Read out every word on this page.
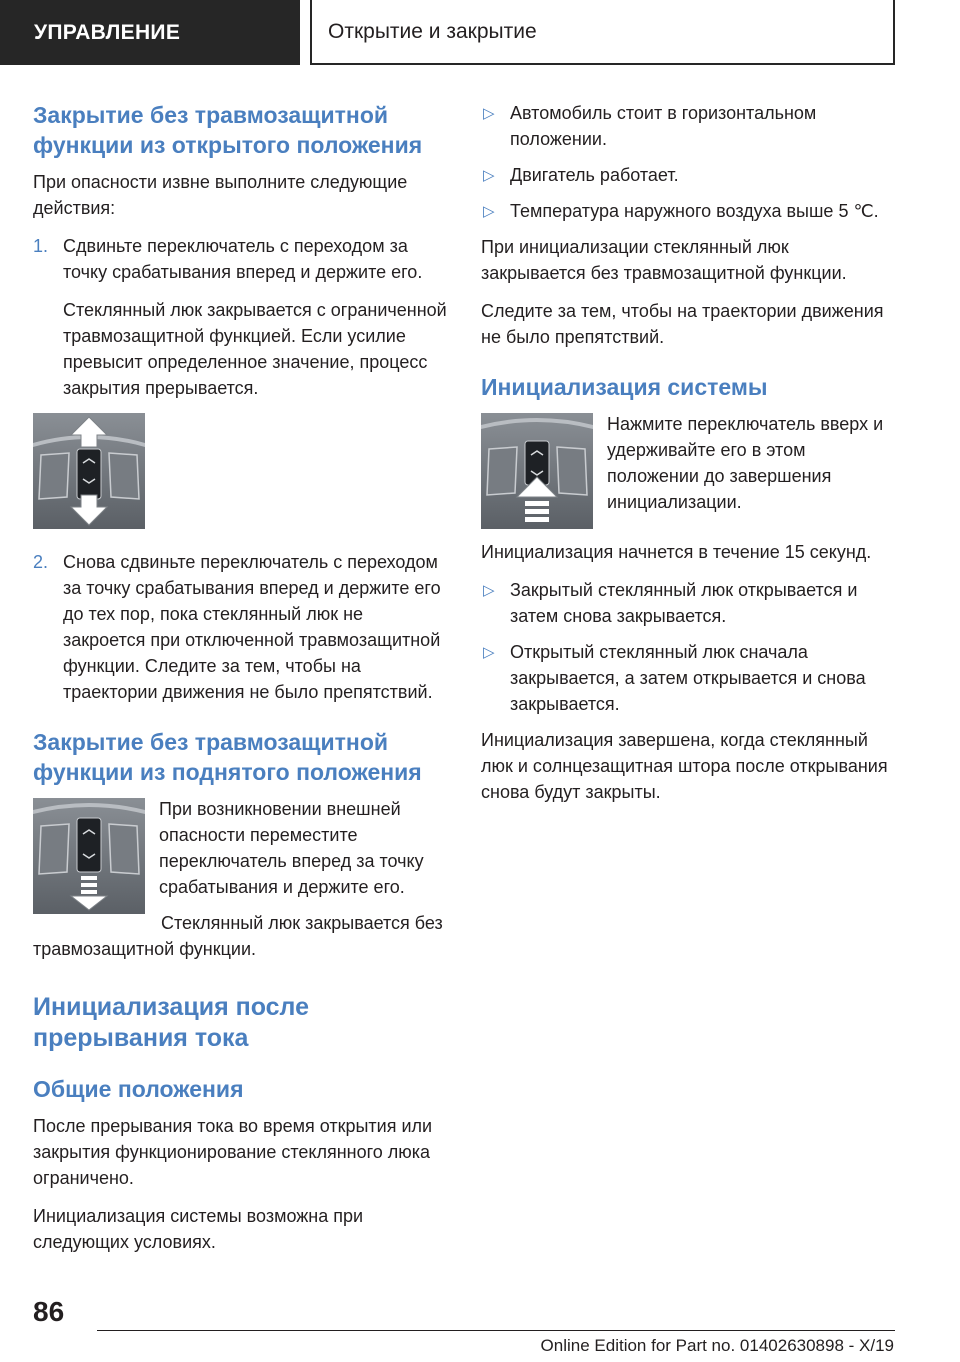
УПРАВЛЕНИЕ	Открытие и закрытие
Закрытие без травмозащитной функции из открытого положения
При опасности извне выполните следующие действия:
1. Сдвиньте переключатель с переходом за точку срабатывания вперед и держите его.
Стеклянный люк закрывается с ограниченной травмозащитной функцией. Если усилие превысит определенное значение, процесс закрытия прерывается.
2. Снова сдвиньте переключатель с переходом за точку срабатывания вперед и держите его до тех пор, пока стеклянный люк не закроется при отключенной травмозащитной функции. Следите за тем, чтобы на траектории движения не было препятствий.
Закрытие без травмозащитной функции из поднятого положения
При возникновении внешней опасности переместите переключатель вперед за точку срабатывания и держите его.
Стеклянный люк закрывается без травмозащитной функции.
Инициализация после прерывания тока
Общие положения
После прерывания тока во время открытия или закрытия функционирование стеклянного люка ограничено.
Инициализация системы возможна при следующих условиях.
▷ Автомобиль стоит в горизонтальном положении.
▷ Двигатель работает.
▷ Температура наружного воздуха выше 5 ℃.
При инициализации стеклянный люк закрывается без травмозащитной функции.
Следите за тем, чтобы на траектории движения не было препятствий.
Инициализация системы
Нажмите переключатель вверх и удерживайте его в этом положении до завершения инициализации.
Инициализация начнется в течение 15 секунд.
▷ Закрытый стеклянный люк открывается и затем снова закрывается.
▷ Открытый стеклянный люк сначала закрывается, а затем открывается и снова закрывается.
Инициализация завершена, когда стеклянный люк и солнцезащитная штора после открывания снова будут закрыты.
86
Online Edition for Part no. 01402630898 - X/19
